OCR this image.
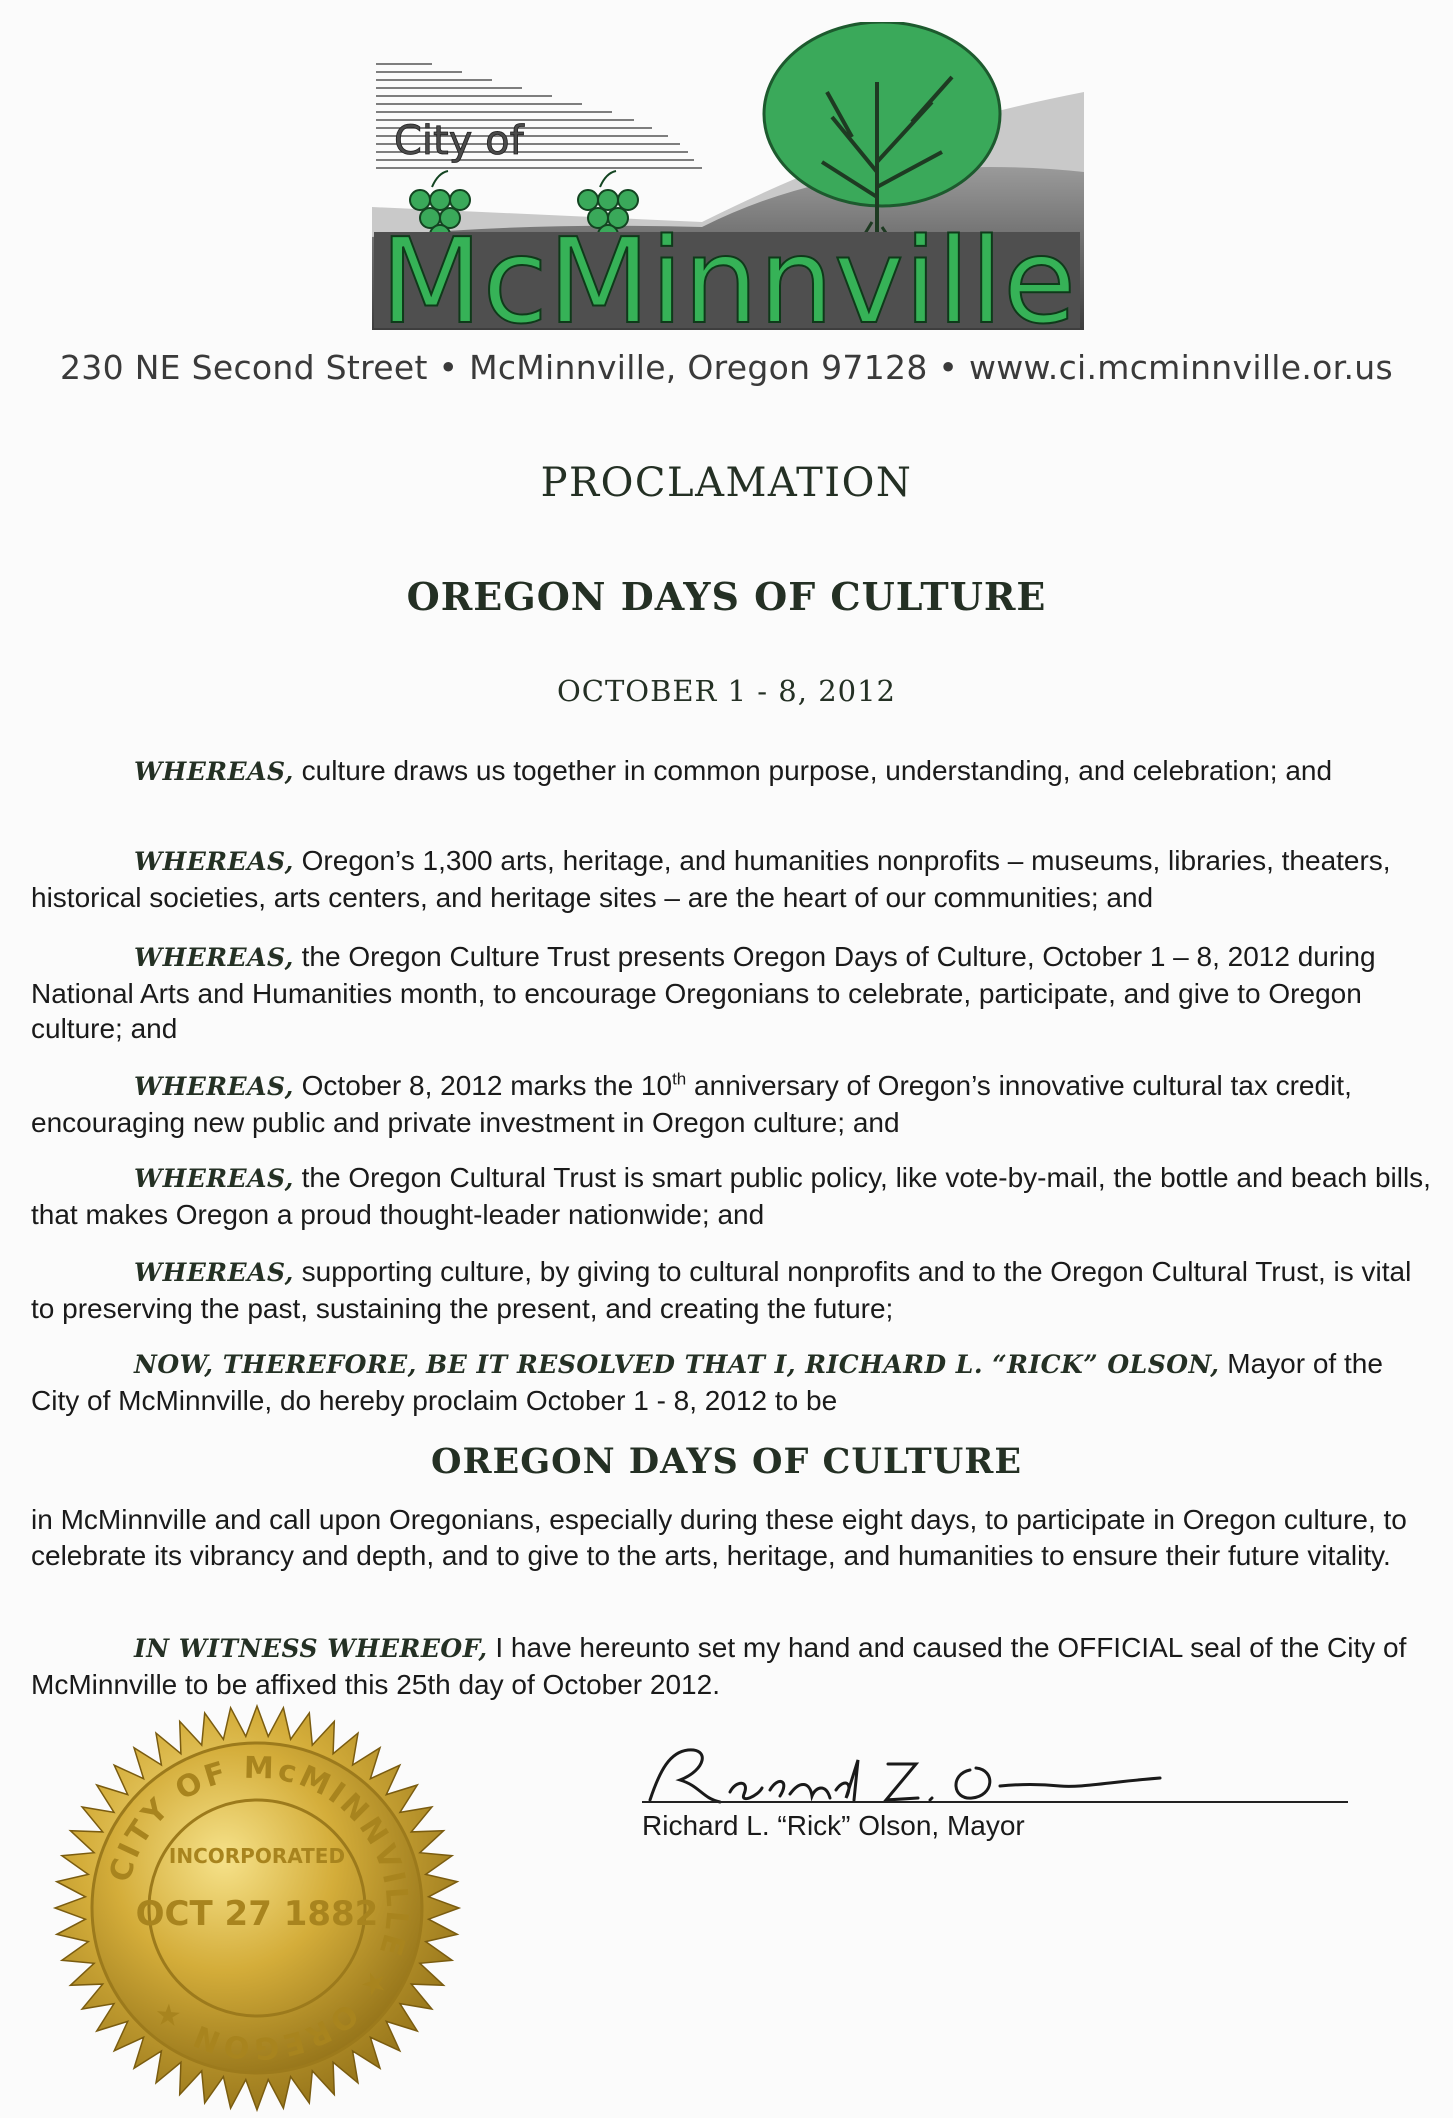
City of
McMinnville
230 NE Second Street • McMinnville, Oregon 97128 • www.ci.mcminnville.or.us
PROCLAMATION
OREGON DAYS OF CULTURE
OCTOBER 1 - 8, 2012
WHEREAS, culture draws us together in common purpose, understanding, and celebration; and
WHEREAS, Oregon’s 1,300 arts, heritage, and humanities nonprofits – museums, libraries, theaters, historical societies, arts centers, and heritage sites – are the heart of our communities; and
WHEREAS, the Oregon Culture Trust presents Oregon Days of Culture, October 1 – 8, 2012 during National Arts and Humanities month, to encourage Oregonians to celebrate, participate, and give to Oregon culture; and
WHEREAS, October 8, 2012 marks the 10th anniversary of Oregon’s innovative cultural tax credit, encouraging new public and private investment in Oregon culture; and
WHEREAS, the Oregon Cultural Trust is smart public policy, like vote-by-mail, the bottle and beach bills, that makes Oregon a proud thought-leader nationwide; and
WHEREAS, supporting culture, by giving to cultural nonprofits and to the Oregon Cultural Trust, is vital to preserving the past, sustaining the present, and creating the future;
NOW, THEREFORE, BE IT RESOLVED THAT I, RICHARD L. “RICK” OLSON, Mayor of the City of McMinnville, do hereby proclaim October 1 - 8, 2012 to be
OREGON DAYS OF CULTURE
in McMinnville and call upon Oregonians, especially during these eight days, to participate in Oregon culture, to celebrate its vibrancy and depth, and to give to the arts, heritage, and humanities to ensure their future vitality.
IN WITNESS WHEREOF, I have hereunto set my hand and caused the OFFICIAL seal of the City of McMinnville to be affixed this 25th day of October 2012.
Richard L. “Rick” Olson, Mayor
CITY OF McMINNVILLE ★ OREGON ★
INCORPORATED
OCT 27 1882
